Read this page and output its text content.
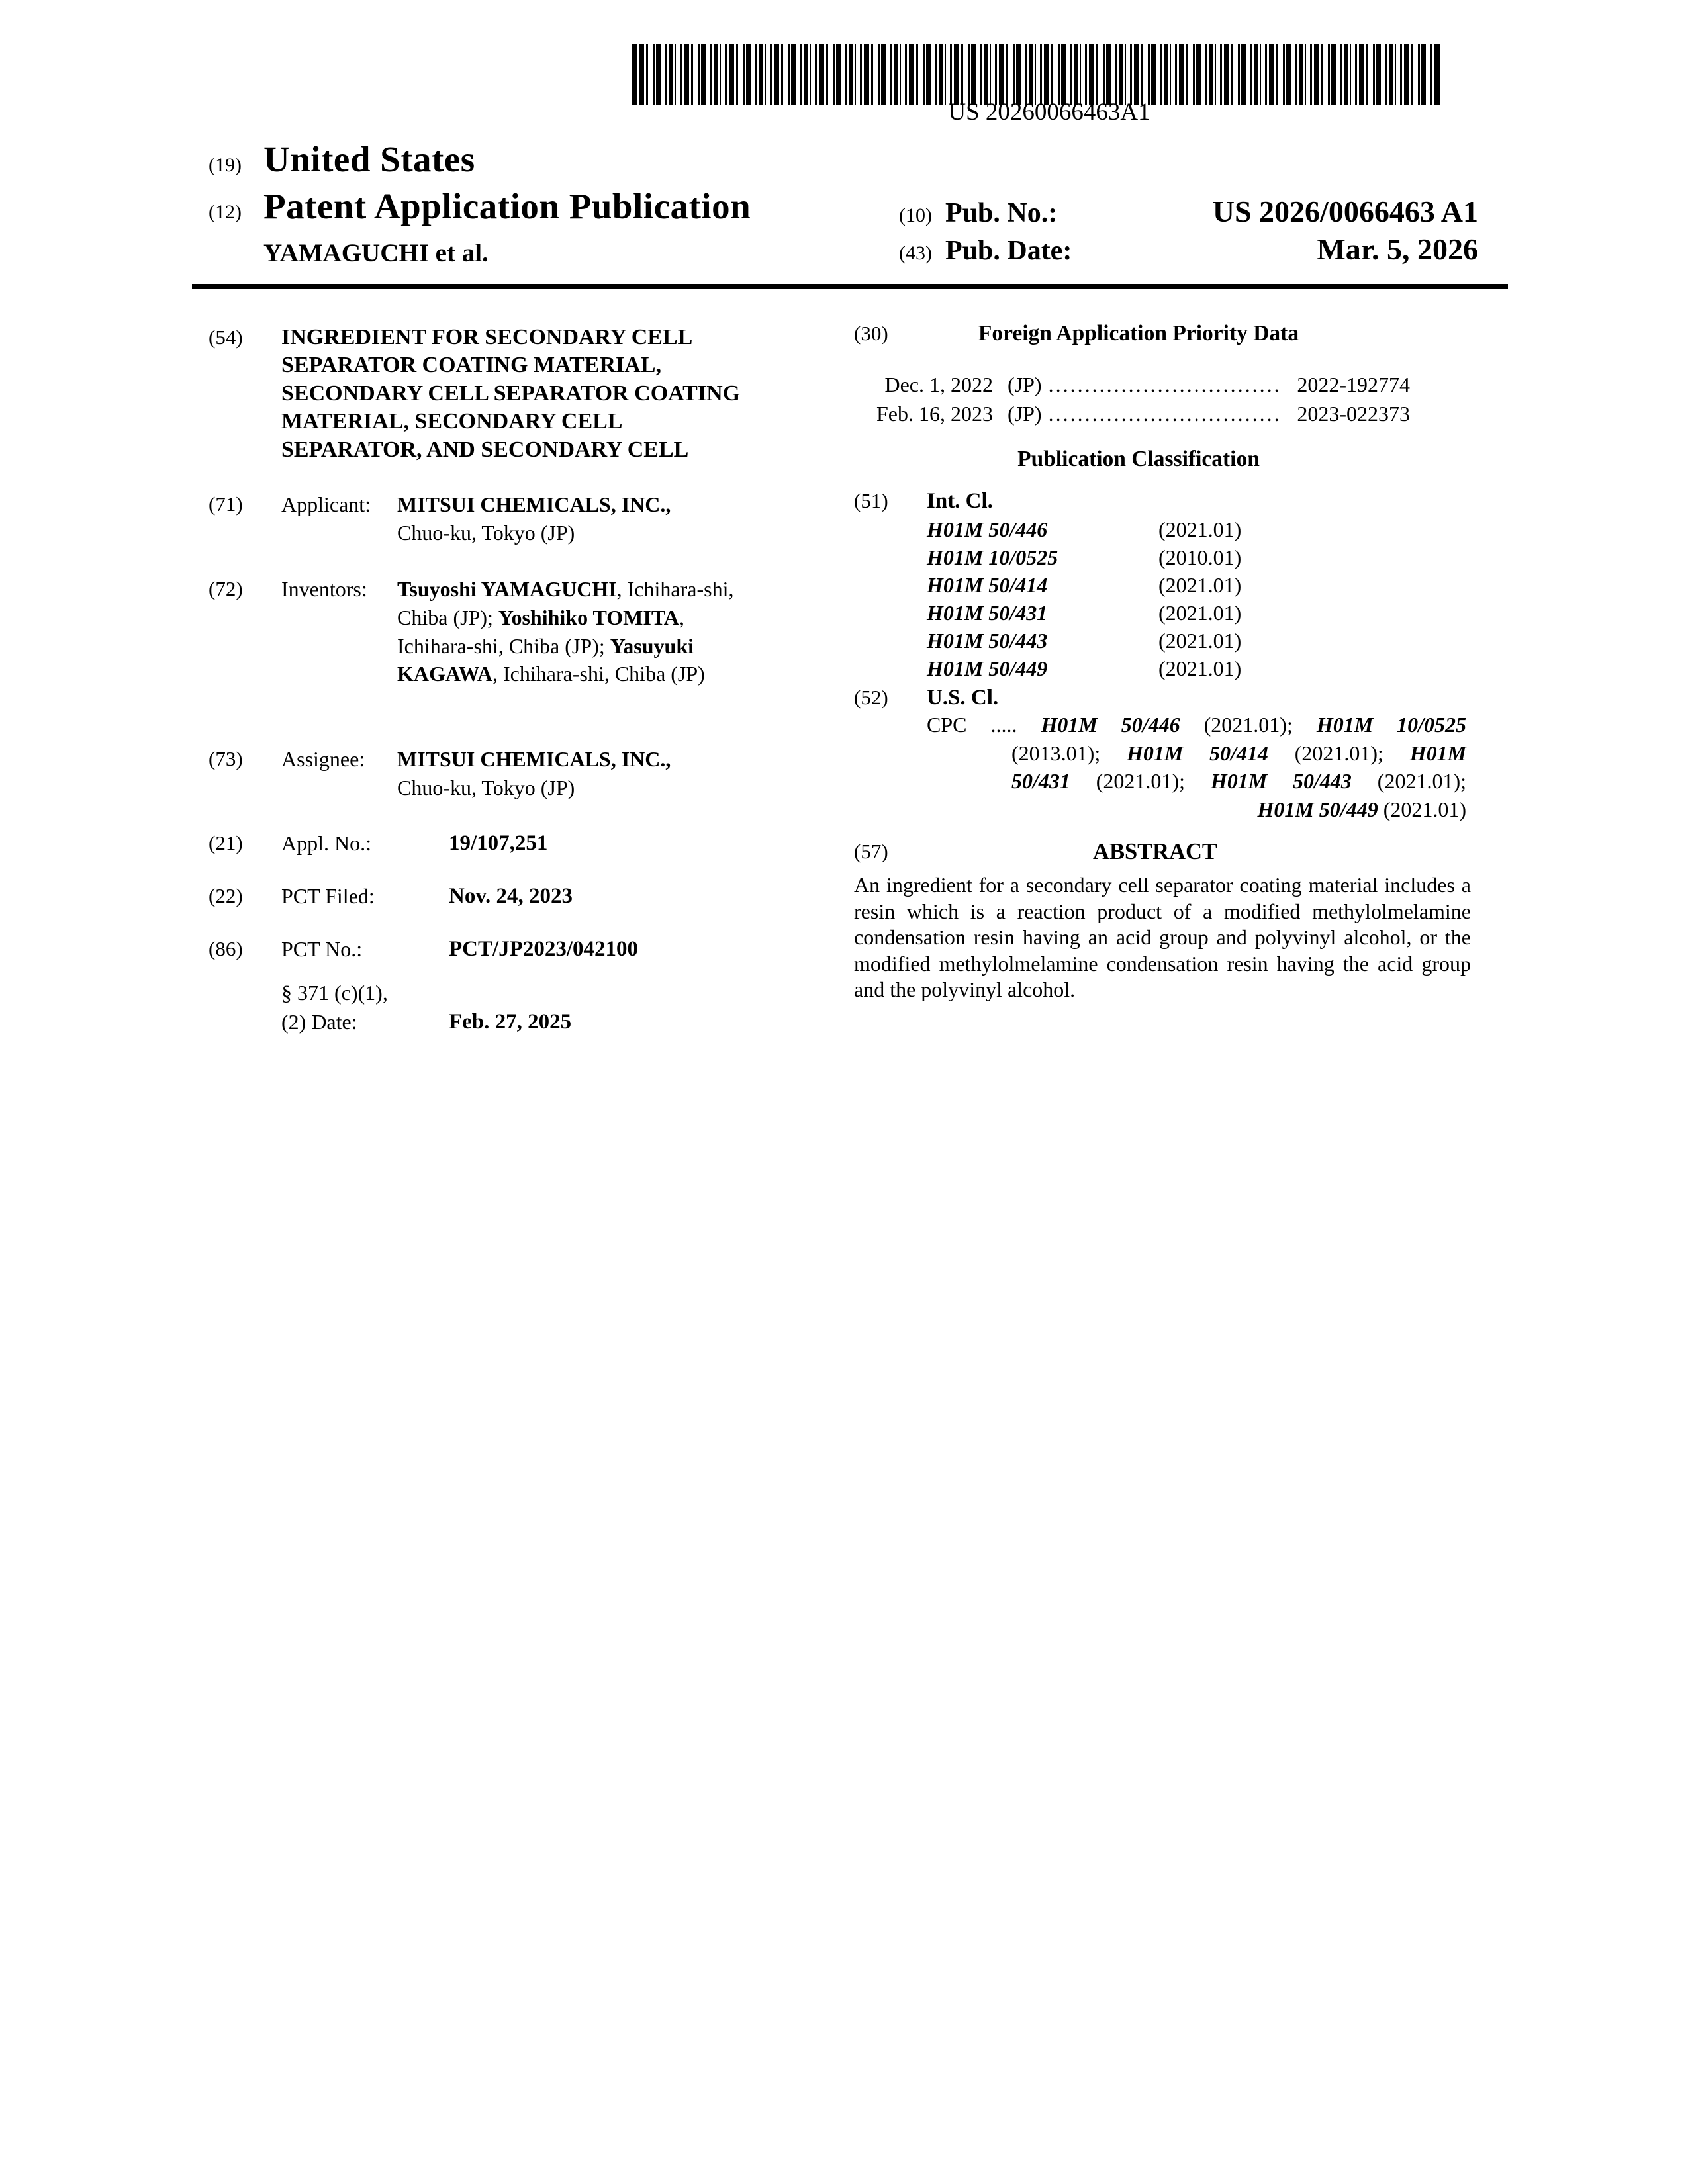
US 20260066463A1
(19) United States
(12) Patent Application Publication
YAMAGUCHI et al.
(10) Pub. No.:	US 2026/0066463 A1
(43) Pub. Date:	Mar. 5, 2026
(54)	INGREDIENT FOR SECONDARY CELL
SEPARATOR COATING MATERIAL,
SECONDARY CELL SEPARATOR COATING
MATERIAL, SECONDARY CELL
SEPARATOR, AND SECONDARY CELL
(71)	Applicant:	MITSUI CHEMICALS, INC.,
Chuo-ku, Tokyo (JP)
(72)	Inventors:	Tsuyoshi YAMAGUCHI, Ichihara-shi,
Chiba (JP); Yoshihiko TOMITA,
Ichihara-shi, Chiba (JP); Yasuyuki
KAGAWA, Ichihara-shi, Chiba (JP)
(73)	Assignee:	MITSUI CHEMICALS, INC.,
Chuo-ku, Tokyo (JP)
(21)	Appl. No.:	19/107,251
(22)	PCT Filed:	Nov. 24, 2023
(86)	PCT No.:	PCT/JP2023/042100
§ 371 (c)(1),
(2) Date:	Feb. 27, 2025
(30)	Foreign Application Priority Data
Dec. 1, 2022 (JP) ................................ 2022-192774
Feb. 16, 2023 (JP) ................................ 2023-022373
Publication Classification
(51)	Int. Cl.
H01M 50/446	(2021.01)
H01M 10/0525	(2010.01)
H01M 50/414	(2021.01)
H01M 50/431	(2021.01)
H01M 50/443	(2021.01)
H01M 50/449	(2021.01)
(52)	U.S. Cl.
CPC ..... H01M 50/446 (2021.01); H01M 10/0525
(2013.01); H01M 50/414 (2021.01); H01M
50/431 (2021.01); H01M 50/443 (2021.01);
H01M 50/449 (2021.01)
(57)	ABSTRACT
An ingredient for a secondary cell separator coating material includes a resin which is a reaction product of a modified methylolmelamine condensation resin having an acid group and polyvinyl alcohol, or the modified methylolmelamine condensation resin having the acid group and the polyvinyl alcohol.
